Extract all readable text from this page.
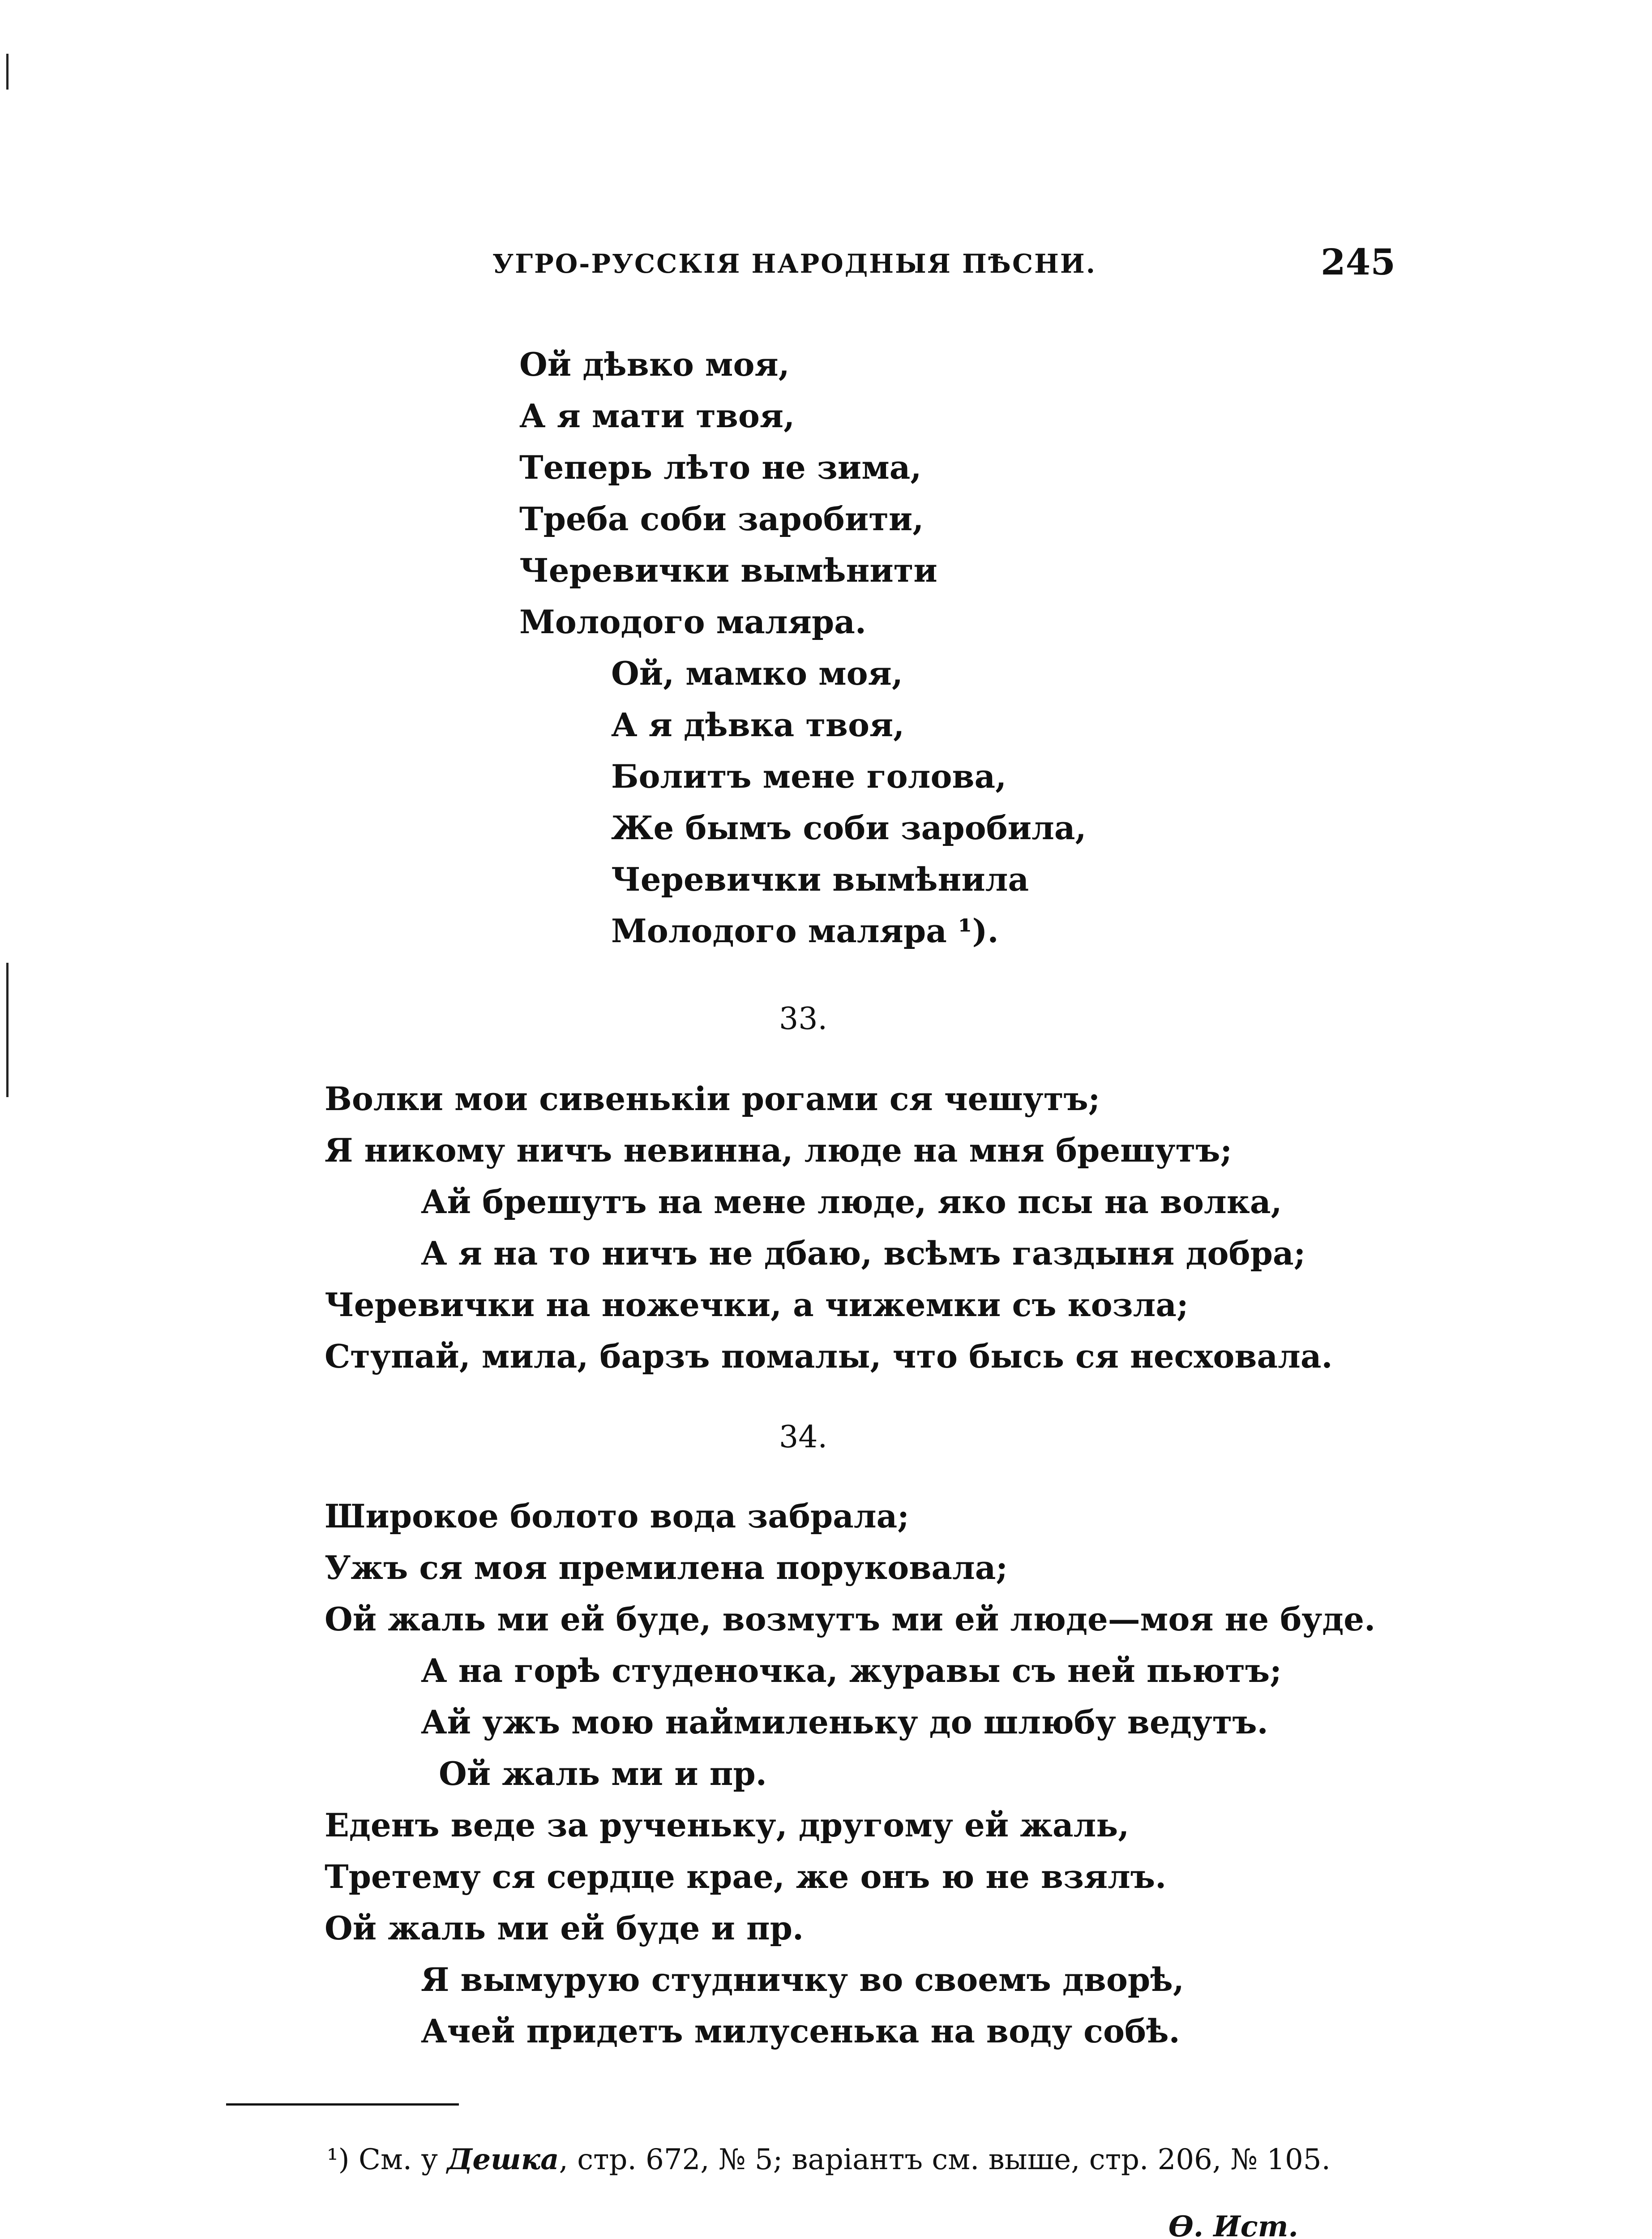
УГРО-РУССКІЯ НАРОДНЫЯ ПѢСНИ.	245
Ой дѣвко моя,
А я мати твоя,
Теперь лѣто не зима,
Треба соби заробити,
Черевички вымѣнити
Молодого маляра.
Ой, мамко моя,
А я дѣвка твоя,
Болитъ мене голова,
Же бымъ соби заробила,
Черевички вымѣнила
Молодого маляра ¹).
33.
Волки мои сивенькіи рогами ся чешутъ;
Я никому ничъ невинна, люде на мня брешутъ;
Ай брешутъ на мене люде, яко псы на волка,
А я на то ничъ не дбаю, всѣмъ газдыня добра;
Черевички на ножечки, а чижемки съ козла;
Ступай, мила, барзъ помалы, что бысь ся несховала.
34.
Широкое болото вода забрала;
Ужъ ся моя премилена поруковала;
Ой жаль ми ей буде, возмутъ ми ей люде—моя не буде.
А на горѣ студеночка, журавы съ ней пьютъ;
Ай ужъ мою наймиленьку до шлюбу ведутъ.
Ой жаль ми и пр.
Еденъ веде за рученьку, другому ей жаль,
Третему ся сердце крае, же онъ ю не взялъ.
Ой жаль ми ей буде и пр.
Я вымурую студничку во своемъ дворѣ,
Ачей придетъ милусенька на воду собѣ.
¹) См. у Дешка, стр. 672, № 5; варіантъ см. выше, стр. 206, № 105.
Ѳ. Ист.
